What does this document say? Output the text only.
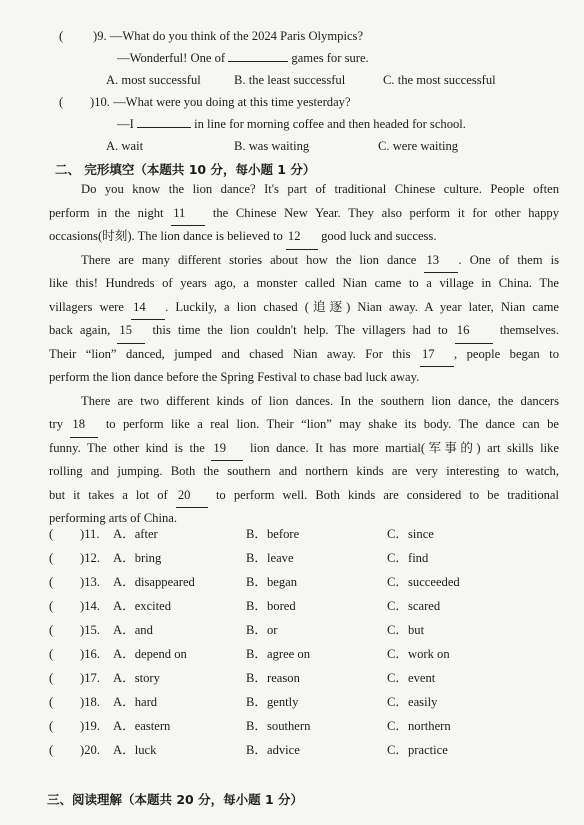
( )9. —What do you think of the 2024 Paris Olympics?
—Wonderful! One of	games for sure.
A. most successful	B. the least successful	C. the most successful
( )10. —What were you doing at this time yesterday?
—I	in line for morning coffee and then headed for school.
A. wait	B. was waiting	C. were waiting
二、 完形填空（本题共 10 分，每小题 1 分）
Do you know the lion dance? It's part of traditional Chinese culture. People often
perform in the night 11 the Chinese New Year. They also perform it for other happy
occasions(时刻). The lion dance is believed to 12 good luck and success.
There are many different stories about how the lion dance 13 . One of them is
like this! Hundreds of years ago, a monster called Nian came to a village in China. The
villagers were 14 . Luckily, a lion chased (追逐) Nian away. A year later, Nian came
back again, 15 this time the lion couldn't help. The villagers had to 16 themselves.
Their “lion” danced, jumped and chased Nian away. For this 17 , people began to
perform the lion dance before the Spring Festival to chase bad luck away.
There are two different kinds of lion dances. In the southern lion dance, the dancers
try 18 to perform like a real lion. Their “lion” may shake its body. The dance can be
funny. The other kind is the 19 lion dance. It has more martial(军事的) art skills like
rolling and jumping. Both the southern and northern kinds are very interesting to watch,
but it takes a lot of 20 to perform well. Both kinds are considered to be traditional
performing arts of China.
( )11. A．after	B．before	C．since
( )12. A．bring	B．leave	C．find
( )13. A．disappeared	B．began	C．succeeded
( )14. A．excited	B．bored	C．scared
( )15. A．and	B．or	C．but
( )16. A．depend on	B．agree on	C．work on
( )17. A．story	B．reason	C．event
( )18. A．hard	B．gently	C．easily
( )19. A．eastern	B．southern	C．northern
( )20. A．luck	B．advice	C．practice
三、阅读理解（本题共 20 分，每小题 1 分）
